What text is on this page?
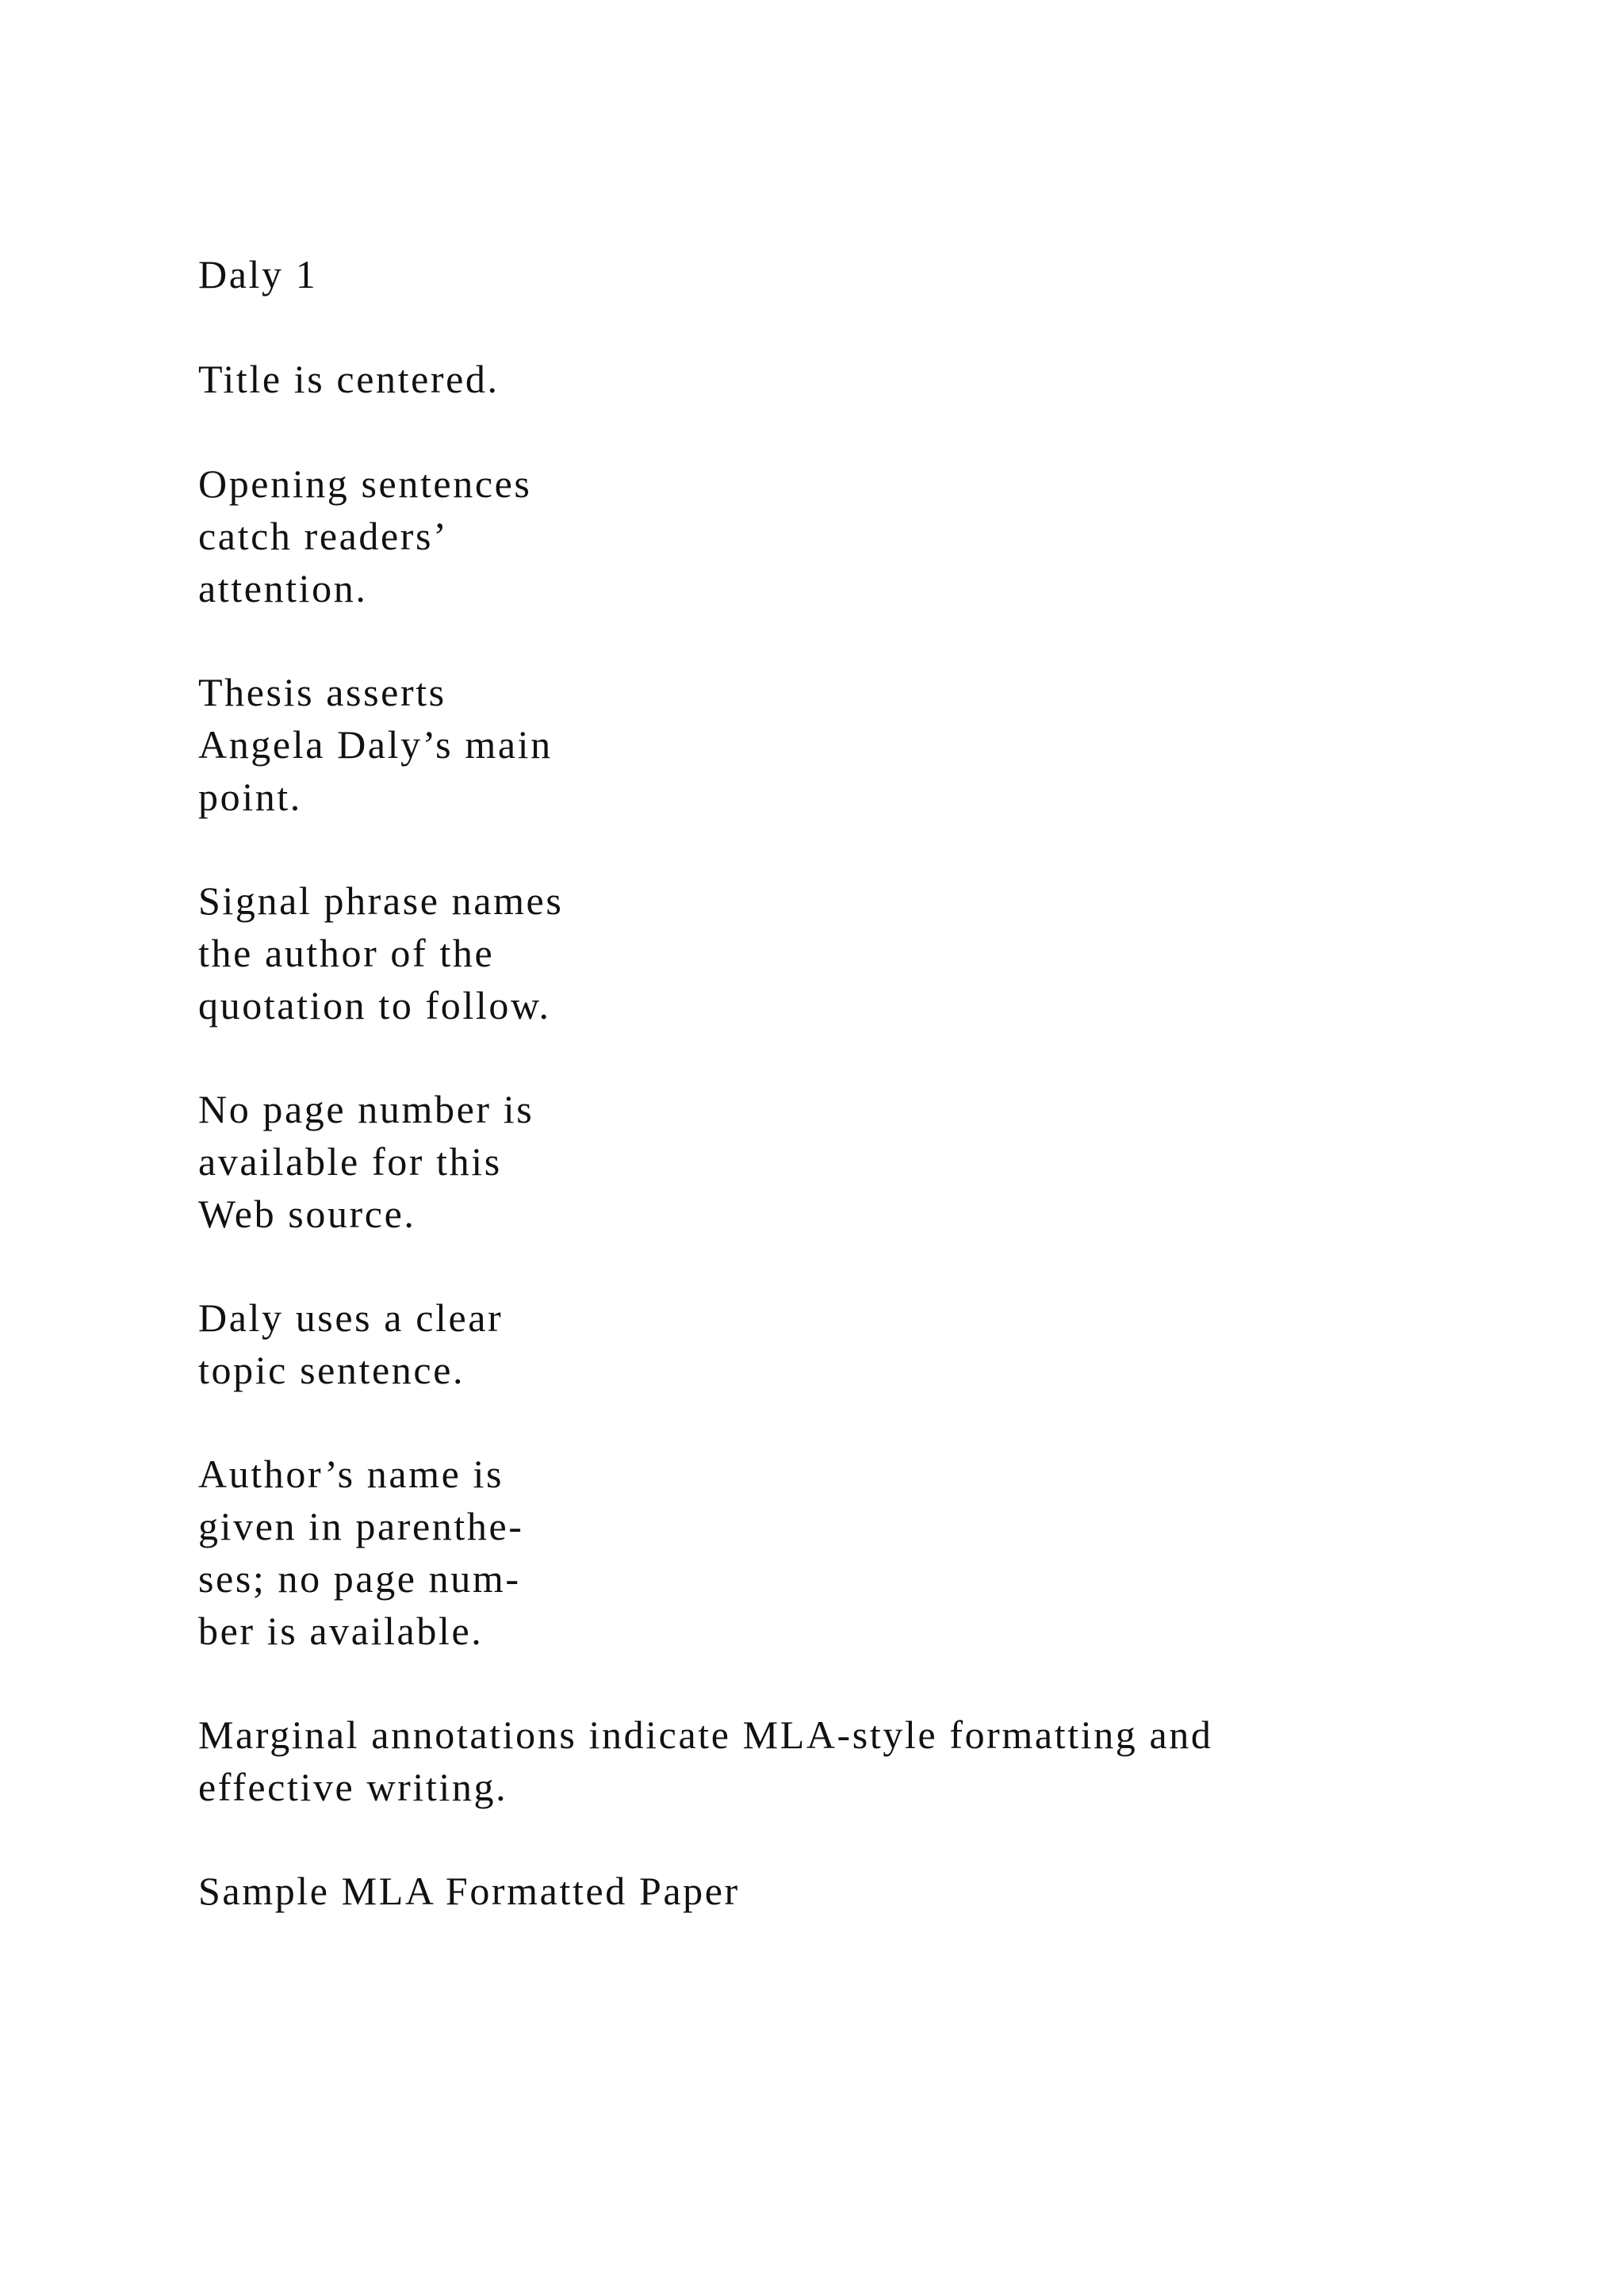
Daly 1
Title is centered.
Opening sentences
catch readers’
attention.
Thesis asserts
Angela Daly’s main
point.
Signal phrase names
the author of the
quotation to follow.
No page number is
available for this
Web source.
Daly uses a clear
topic sentence.
Author’s name is
given in parenthe-
ses; no page num-
ber is available.
Marginal annotations indicate MLA-style formatting and
effective writing.
Sample MLA Formatted Paper
